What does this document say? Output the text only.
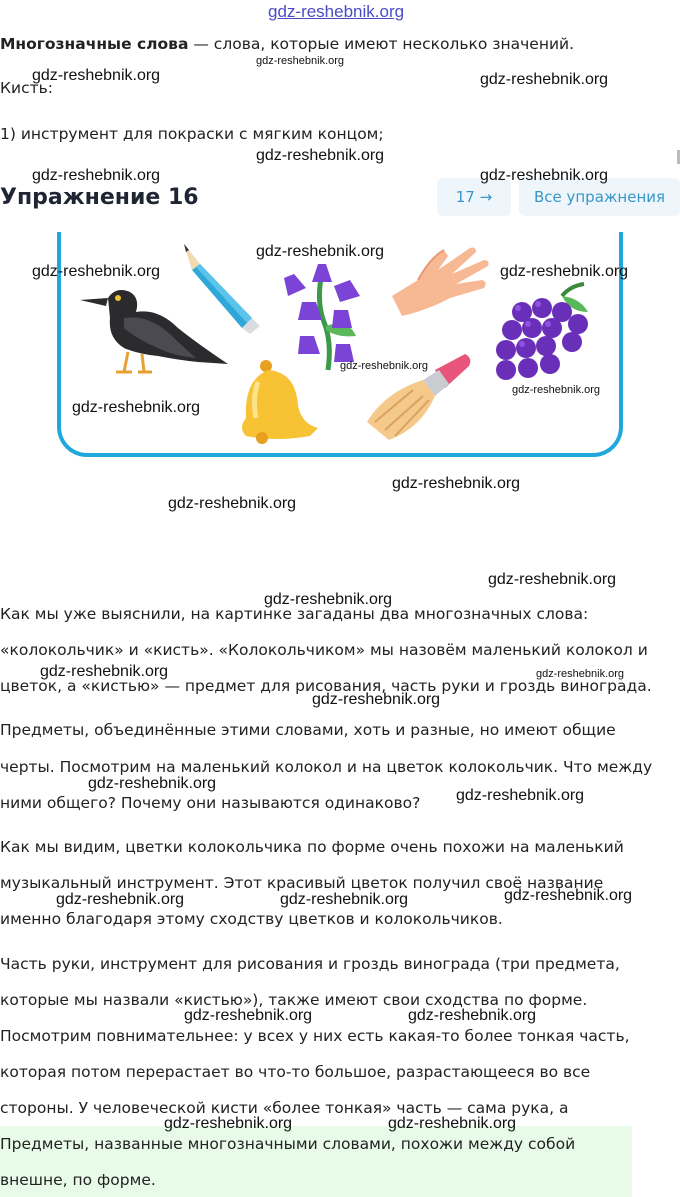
gdz-reshebnik.org

Многозначные слова — слова, которые имеют несколько значений.

Кисть:

1) инструмент для покраски с мягким концом;

Упражнение 16	17
→	Все упражнения

Как мы уже выяснили, на картинке загаданы два многозначных слова:

«колокольчик» и «кисть». «Колокольчиком» мы назовём маленький колокол и

цветок, а «кистью» — предмет для рисования, часть руки и гроздь винограда.

Предметы, объединённые этими словами, хоть и разные, но имеют общие

черты. Посмотрим на маленький колокол и на цветок колокольчик. Что между

ними общего? Почему они называются одинаково?

Как мы видим, цветки колокольчика по форме очень похожи на маленький

музыкальный инструмент. Этот красивый цветок получил своё название

именно благодаря этому сходству цветков и колокольчиков.

Часть руки, инструмент для рисования и гроздь винограда (три предмета,

которые мы назвали «кистью»), также имеют свои сходства по форме.

Посмотрим повнимательнее: у всех у них есть какая-то более тонкая часть,

которая потом перерастает во что-то большое, разрастающееся во все

стороны. У человеческой кисти «более тонкая» часть — сама рука, а

Предметы, названные многозначными словами, похожи между собой

внешне, по форме.

gdz-reshebnik.org
gdz-reshebnik.org	gdz-reshebnik.org
gdz-reshebnik.org
gdz-reshebnik.org	gdz-reshebnik.org
gdz-reshebnik.org
gdz-reshebnik.org	gdz-reshebnik.org
gdz-reshebnik.org
gdz-reshebnik.org
gdz-reshebnik.org
gdz-reshebnik.org
gdz-reshebnik.org
gdz-reshebnik.org
gdz-reshebnik.org
gdz-reshebnik.org	gdz-reshebnik.org
gdz-reshebnik.org
gdz-reshebnik.org
gdz-reshebnik.org
gdz-reshebnik.org	gdz-reshebnik.org	gdz-reshebnik.org
gdz-reshebnik.org	gdz-reshebnik.org
gdz-reshebnik.org	gdz-reshebnik.org
